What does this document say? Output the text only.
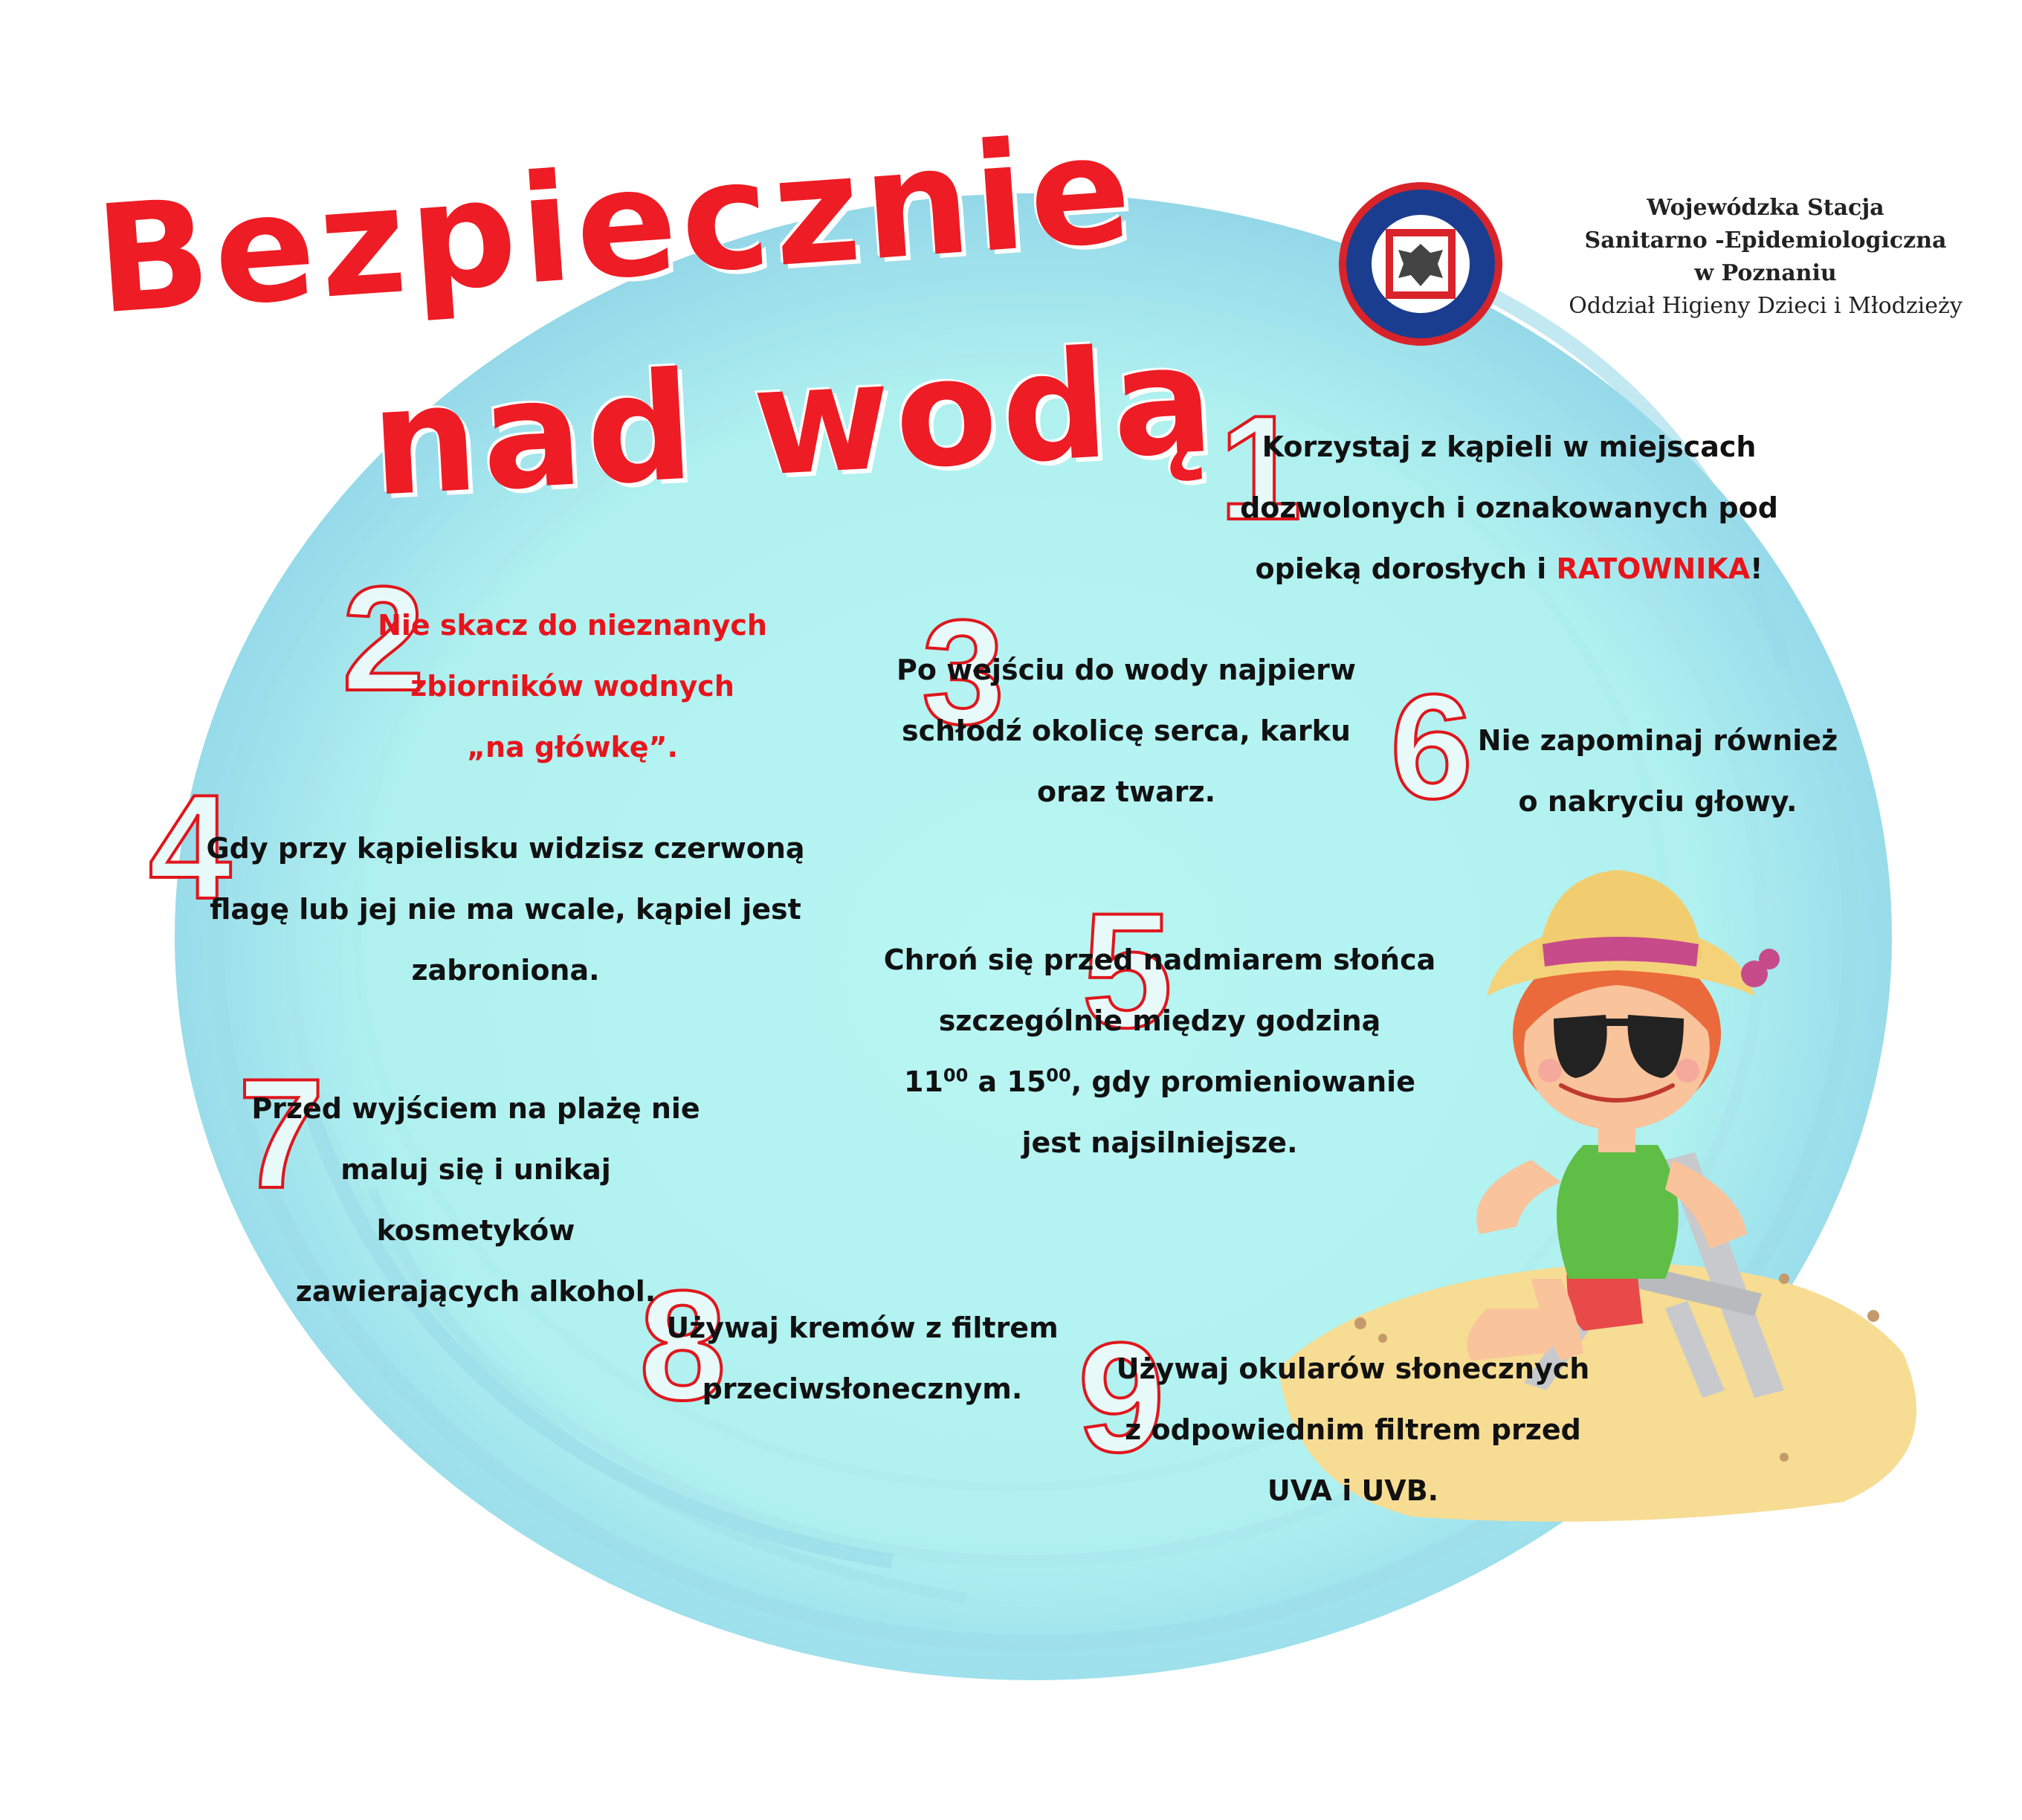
Bezpiecznie
nad wodą
Wojewódzka Stacja
Sanitarno -Epidemiologiczna
w Poznaniu
Oddział Higieny Dzieci i Młodzieży
1
2	3
4
5
6
7
8 9
Korzystaj z kąpieli w miejscach
dozwolonych i oznakowanych pod
opieką dorosłych i RATOWNIKA!
Nie skacz do nieznanych
zbiorników wodnych
„na główkę”.
Po wejściu do wody najpierw
schłodź okolicę serca, karku
oraz twarz.
Gdy przy kąpielisku widzisz czerwoną
flagę lub jej nie ma wcale, kąpiel jest
zabroniona.	Chroń się przed nadmiarem słońca
szczególnie między godziną
$11^{00}$ a $15^{00}$, gdy promieniowanie
jest najsilniejsze.
Nie zapominaj również
o nakryciu głowy.
Przed wyjściem na plażę nie
maluj się i unikaj kosmetyków
zawierających alkohol.
Używaj kremów z filtrem
przeciwsłonecznym.
Używaj okularów słonecznych
z odpowiednim filtrem przed
UVA i UVB.
